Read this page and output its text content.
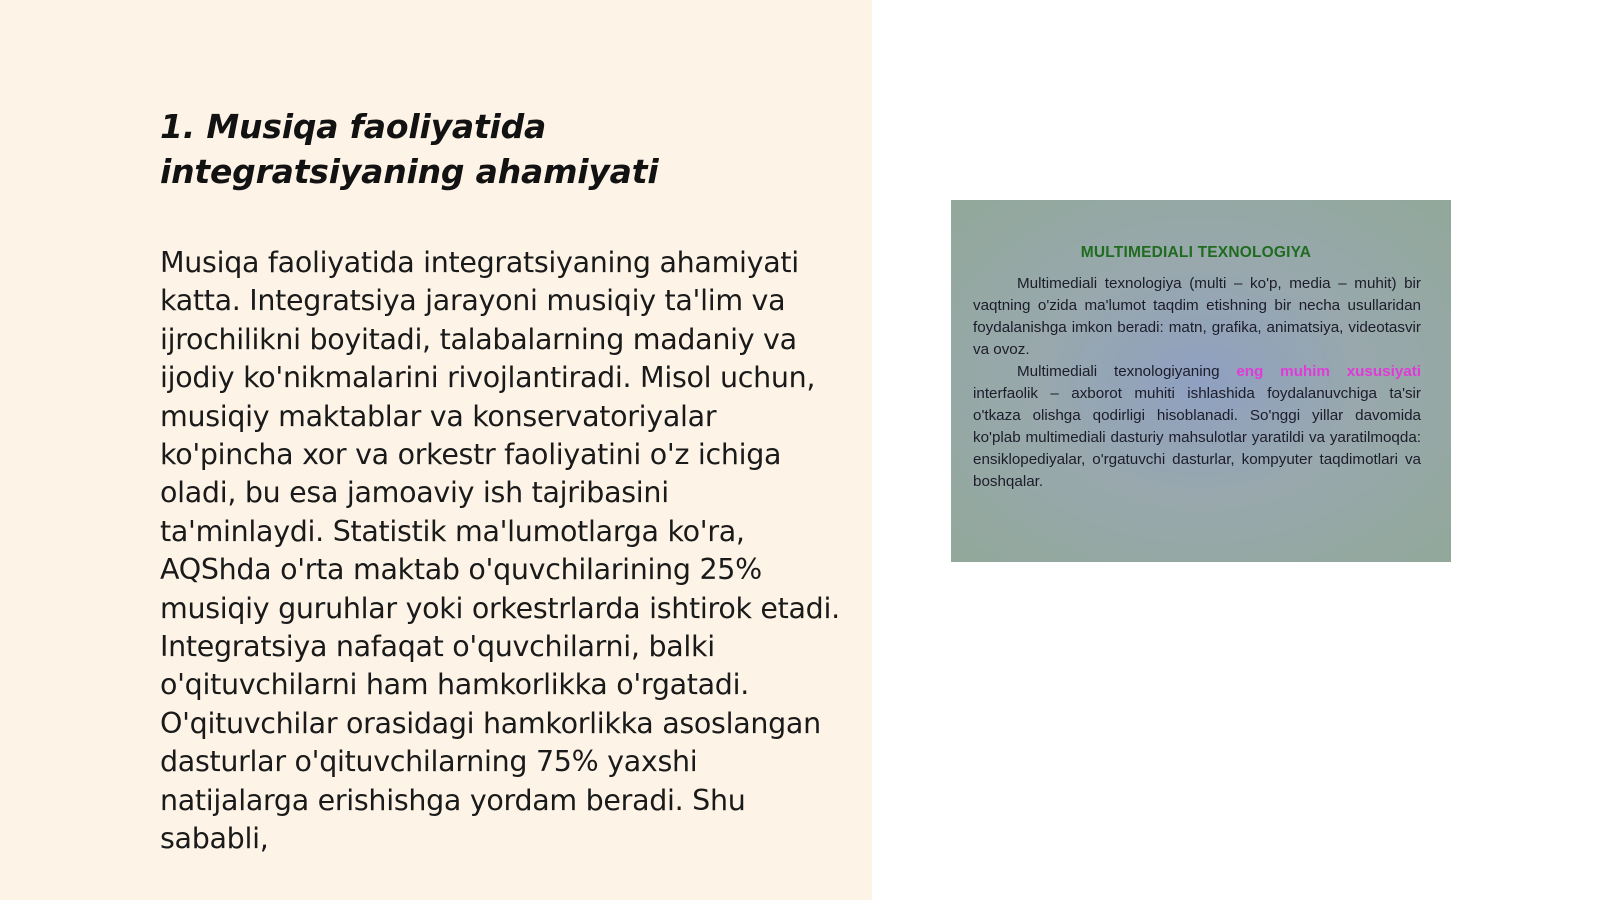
1. Musiqa faoliyatida integratsiyaning ahamiyati

Musiqa faoliyatida integratsiyaning ahamiyati katta. Integratsiya jarayoni musiqiy ta'lim va ijrochilikni boyitadi, talabalarning madaniy va ijodiy ko'nikmalarini rivojlantiradi. Misol uchun, musiqiy maktablar va konservatoriyalar ko'pincha xor va orkestr faoliyatini o'z ichiga oladi, bu esa jamoaviy ish tajribasini ta'minlaydi. Statistik ma'lumotlarga ko'ra, AQShda o'rta maktab o'quvchilarining 25% musiqiy guruhlar yoki orkestrlarda ishtirok etadi. Integratsiya nafaqat o'quvchilarni, balki o'qituvchilarni ham hamkorlikka o'rgatadi. O'qituvchilar orasidagi hamkorlikka asoslangan dasturlar o'qituvchilarning 75% yaxshi natijalarga erishishga yordam beradi. Shu sababli,

MULTIMEDIALI TEXNOLOGIYA

Multimediali texnologiya (multi – ko'p, media – muhit) bir vaqtning o'zida ma'lumot taqdim etishning bir necha usullaridan foydalanishga imkon beradi: matn, grafika, animatsiya, videotasvir va ovoz.

Multimediali texnologiyaning eng muhim xususiyati interfaolik – axborot muhiti ishlashida foydalanuvchiga ta'sir o'tkaza olishga qodirligi hisoblanadi. So'nggi yillar davomida ko'plab multimediali dasturiy mahsulotlar yaratildi va yaratilmoqda: ensiklopediyalar, o'rgatuvchi dasturlar, kompyuter taqdimotlari va boshqalar.
